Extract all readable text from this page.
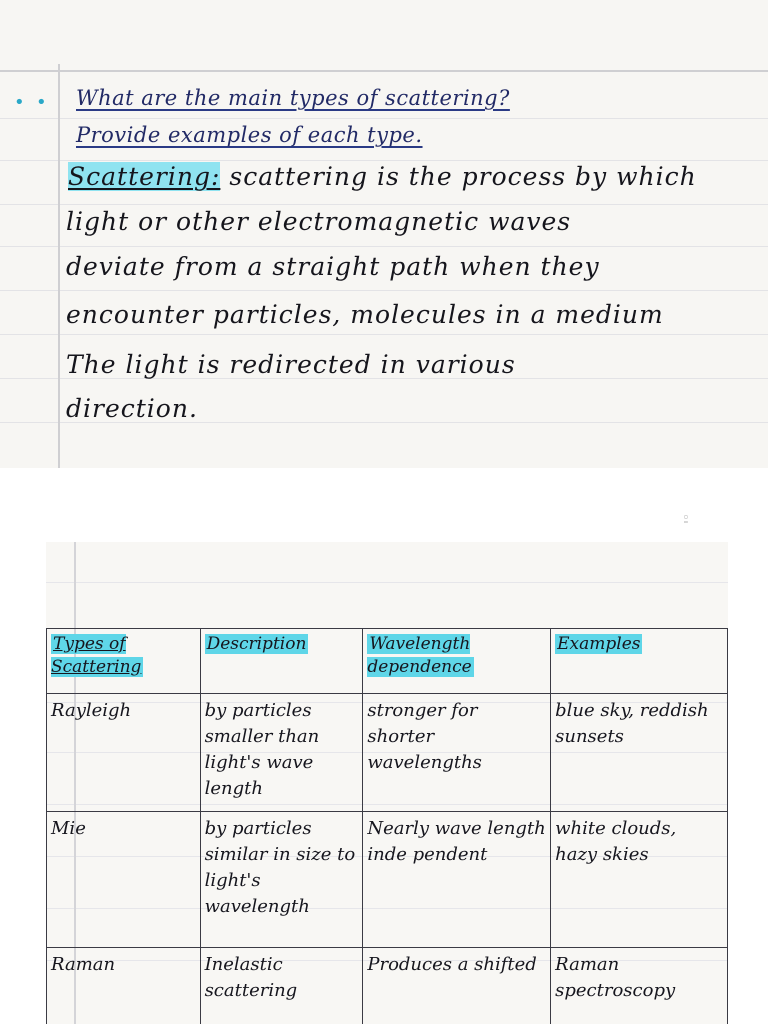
• • What are the main types of scattering?
Provide examples of each type.
Scattering: scattering is the process by which
light or other electromagnetic waves
deviate from a straight path when they
encounter particles, molecules in a medium
The light is redirected in various
direction.
▢
▭
Types of Scattering	Description	Wavelength dependence	Examples
Rayleigh	by particles smaller than light's wave length	stronger for shorter wavelengths	blue sky, reddish sunsets
Mie	by particles similar in size to light's wavelength	Nearly wave length inde pendent	white clouds, hazy skies
Raman	Inelastic scattering	Produces a shifted	Raman spectroscopy
